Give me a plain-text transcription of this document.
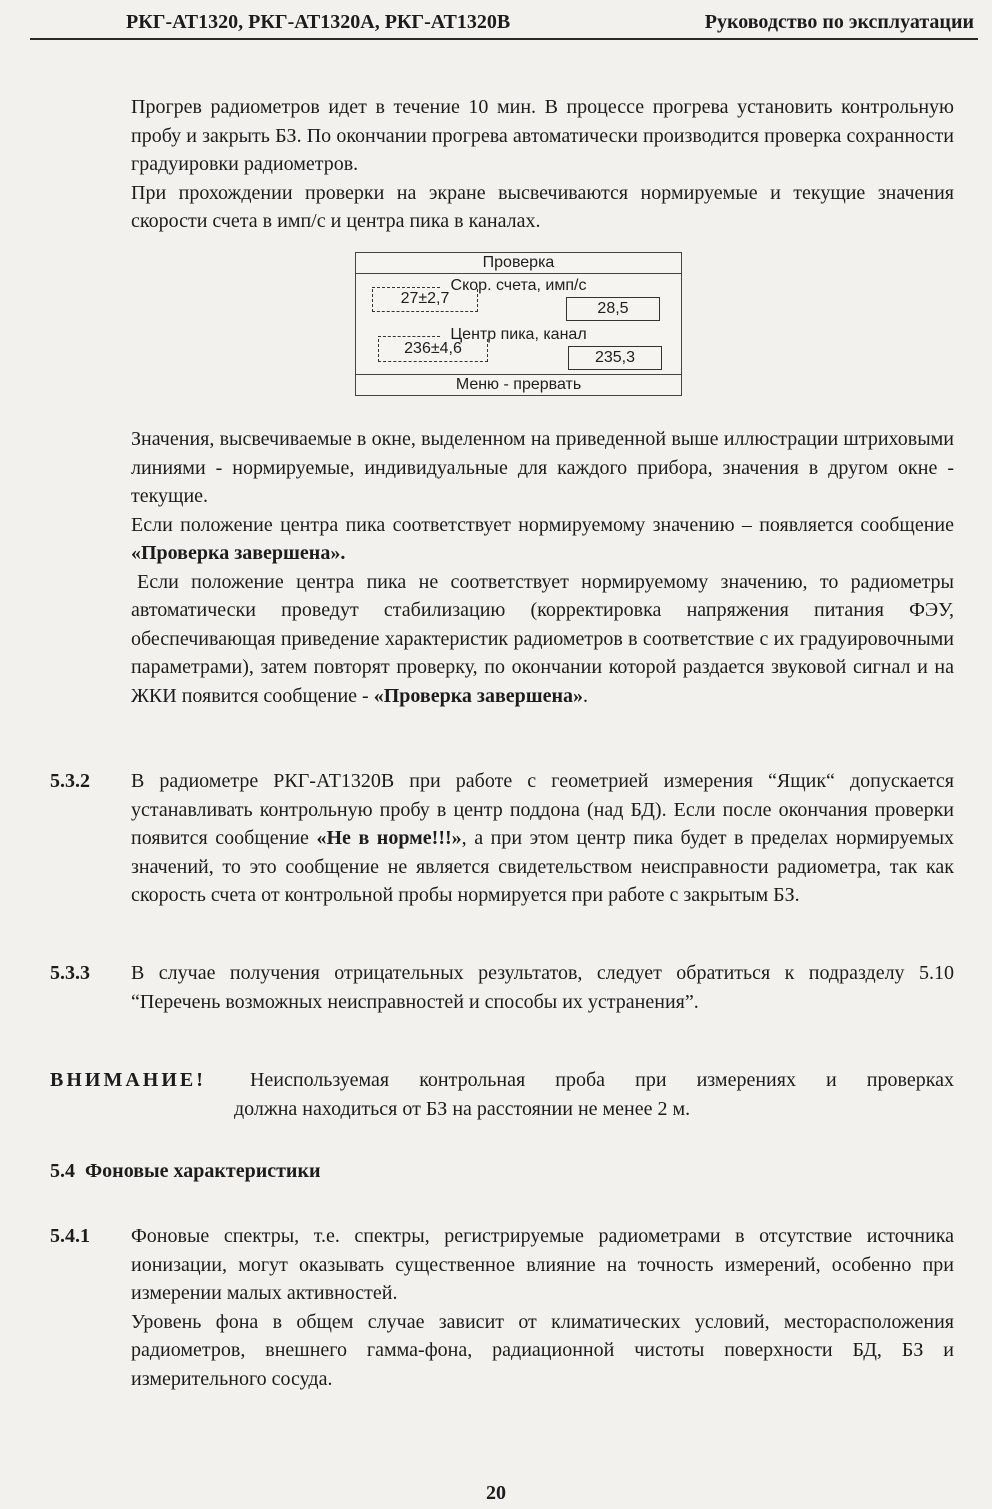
РКГ-АТ1320, РКГ-АТ1320А, РКГ-АТ1320В	Руководство по эксплуатации

Прогрев радиометров идет в течение 10 мин. В процессе прогрева установить контрольную пробу и закрыть БЗ. По окончании прогрева автоматически производится проверка сохранности градуировки радиометров.

При прохождении проверки на экране высвечиваются нормируемые и текущие значения скорости счета в имп/с и центра пика в каналах.

Проверка
Скор. счета, имп/с
27±2,7
28,5
Центр пика, канал
236±4,6
235,3
Меню - прервать

Значения, высвечиваемые в окне, выделенном на приведенной выше иллюстрации штриховыми линиями - нормируемые, индивидуальные для каждого прибора, значения в другом окне - текущие.

Если положение центра пика соответствует нормируемому значению – появляется сообщение «Проверка завершена».

Если положение центра пика не соответствует нормируемому значению, то радиометры автоматически проведут стабилизацию (корректировка напряжения питания ФЭУ, обеспечивающая приведение характеристик радиометров в соответствие с их градуировочными параметрами), затем повторят проверку, по окончании которой раздается звуковой сигнал и на ЖКИ появится сообщение - «Проверка завершена».

5.3.2 В радиометре РКГ-АТ1320В при работе с геометрией измерения “Ящик“ допускается устанавливать контрольную пробу в центр поддона (над БД). Если после окончания проверки появится сообщение «Не в норме!!!», а при этом центр пика будет в пределах нормируемых значений, то это сообщение не является свидетельством неисправности радиометра, так как скорость счета от контрольной пробы нормируется при работе с закрытым БЗ.

5.3.3 В случае получения отрицательных результатов, следует обратиться к подразделу 5.10 “Перечень возможных неисправностей и способы их устранения”.

ВНИМАНИЕ! Неиспользуемая контрольная проба при измерениях и проверках
должна находиться от БЗ на расстоянии не менее 2 м.
5.4  Фоновые характеристики
5.4.1 Фоновые спектры, т.е. спектры, регистрируемые радиометрами в отсутствие источника ионизации, могут оказывать существенное влияние на точность измерений, особенно при измерении малых активностей.

Уровень фона в общем случае зависит от климатических условий, месторасположения радиометров, внешнего гамма-фона, радиационной чистоты поверхности БД, БЗ и измерительного сосуда.

20
